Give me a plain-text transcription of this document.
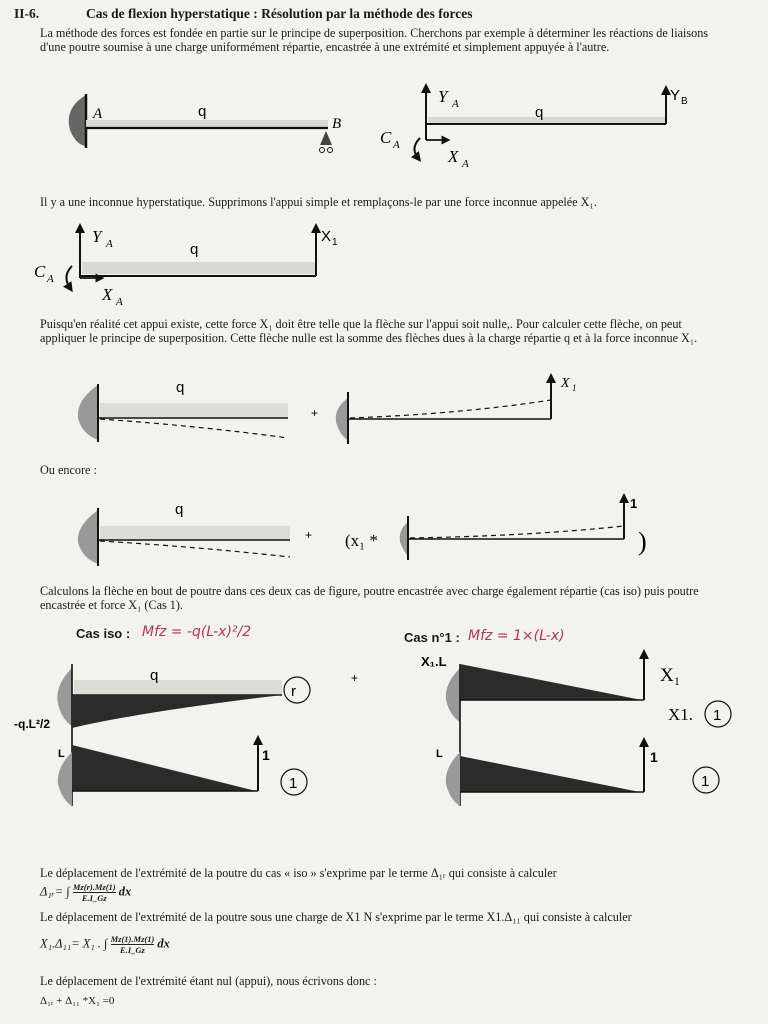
II-6.	Cas de flexion hyperstatique : Résolution par la méthode des forces
La méthode des forces est fondée en partie sur le principe de superposition. Cherchons par exemple à déterminer les réactions de liaisons d'une poutre soumise à une charge uniformément répartie, encastrée à une extrémité et simplement appuyée à l'autre.
Il y a une inconnue hyperstatique. Supprimons l'appui simple et remplaçons-le par une force inconnue appelée X₁.
Puisqu'en réalité cet appui existe, cette force X₁ doit être telle que la flèche sur l'appui soit nulle,. Pour calculer cette flèche, on peut appliquer le principe de superposition. Cette flèche nulle est la somme des flèches dues à la charge répartie q et à la force inconnue X₁.
Ou encore :
Calculons la flèche en bout de poutre dans ces deux cas de figure, poutre encastrée avec charge également répartie (cas iso) puis poutre encastrée et force X₁ (Cas 1).
Cas iso : Mfz = -q(L-x)²/2	Cas n°1 : Mfz = 1×(L-x)
Le déplacement de l'extrémité de la poutre du cas « iso » s'exprime par le terme Δ₁ᵣ qui consiste à calculer
Δ₁ᵣ= ∫ $\frac{Mz(r).Mz(1)}{E.I\_Gz}$ dx
Le déplacement de l'extrémité de la poutre sous une charge de X1 N s'exprime par le terme X1.Δ₁₁ qui consiste à calculer
X₁.Δ₁₁= X₁ . ∫ $\frac{Mz(1).Mz(1)}{E.I\_Gz}$ dx
Le déplacement de l'extrémité étant nul (appui), nous écrivons donc :
Δ₁ᵣ + Δ₁₁ *X₁ =0
A	q
B
Y A	q
Y B
C A
X A
Y A	q
X 1
C A
X A
q
+
X 1
q
+ (x₁ *
1
)
q
-q.L²/2
r
+
L	1
1
X₁.L
X₁
X1. 1
L	1
1
